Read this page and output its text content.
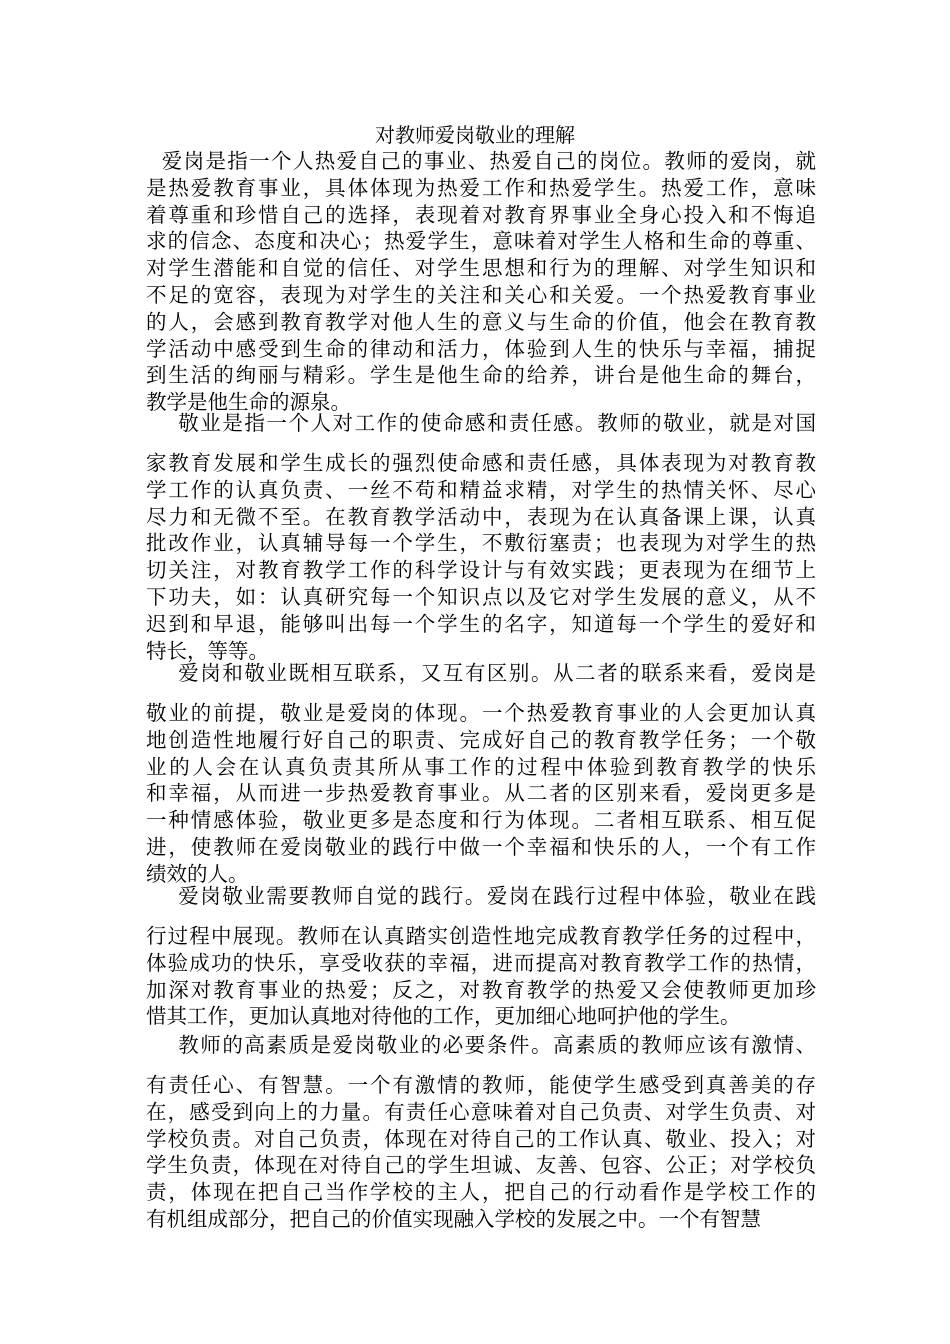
对教师爱岗敬业的理解
爱岗是指一个人热爱自己的事业、热爱自己的岗位。教师的爱岗，就
是热爱教育事业，具体体现为热爱工作和热爱学生。热爱工作，意味
着尊重和珍惜自己的选择，表现着对教育界事业全身心投入和不悔追
求的信念、态度和决心；热爱学生，意味着对学生人格和生命的尊重、
对学生潜能和自觉的信任、对学生思想和行为的理解、对学生知识和
不足的宽容，表现为对学生的关注和关心和关爱。一个热爱教育事业
的人，会感到教育教学对他人生的意义与生命的价值，他会在教育教
学活动中感受到生命的律动和活力，体验到人生的快乐与幸福，捕捉
到生活的绚丽与精彩。学生是他生命的给养，讲台是他生命的舞台，
教学是他生命的源泉。
敬业是指一个人对工作的使命感和责任感。教师的敬业，就是对国
家教育发展和学生成长的强烈使命感和责任感，具体表现为对教育教
学工作的认真负责、一丝不苟和精益求精，对学生的热情关怀、尽心
尽力和无微不至。在教育教学活动中，表现为在认真备课上课，认真
批改作业，认真辅导每一个学生，不敷衍塞责；也表现为对学生的热
切关注，对教育教学工作的科学设计与有效实践；更表现为在细节上
下功夫，如：认真研究每一个知识点以及它对学生发展的意义，从不
迟到和早退，能够叫出每一个学生的名字，知道每一个学生的爱好和
特长，等等。
爱岗和敬业既相互联系，又互有区别。从二者的联系来看，爱岗是
敬业的前提，敬业是爱岗的体现。一个热爱教育事业的人会更加认真
地创造性地履行好自己的职责、完成好自己的教育教学任务；一个敬
业的人会在认真负责其所从事工作的过程中体验到教育教学的快乐
和幸福，从而进一步热爱教育事业。从二者的区别来看，爱岗更多是
一种情感体验，敬业更多是态度和行为体现。二者相互联系、相互促
进，使教师在爱岗敬业的践行中做一个幸福和快乐的人，一个有工作
绩效的人。
爱岗敬业需要教师自觉的践行。爱岗在践行过程中体验，敬业在践
行过程中展现。教师在认真踏实创造性地完成教育教学任务的过程中，
体验成功的快乐，享受收获的幸福，进而提高对教育教学工作的热情，
加深对教育事业的热爱；反之，对教育教学的热爱又会使教师更加珍
惜其工作，更加认真地对待他的工作，更加细心地呵护他的学生。
教师的高素质是爱岗敬业的必要条件。高素质的教师应该有激情、
有责任心、有智慧。一个有激情的教师，能使学生感受到真善美的存
在，感受到向上的力量。有责任心意味着对自己负责、对学生负责、对
学校负责。对自己负责，体现在对待自己的工作认真、敬业、投入；对
学生负责，体现在对待自己的学生坦诚、友善、包容、公正；对学校负
责，体现在把自己当作学校的主人，把自己的行动看作是学校工作的
有机组成部分，把自己的价值实现融入学校的发展之中。一个有智慧
